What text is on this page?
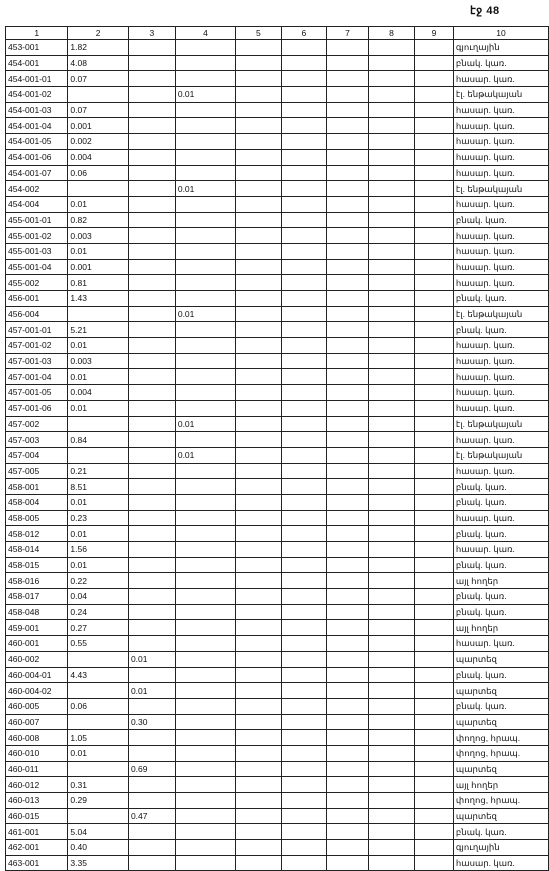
էջ 48
1	2	3	4	5	6	7	8	9	10
453-001	1.82								գյուղային
454-001	4.08								բնակ. կառ.
454-001-01	0.07								հասար. կառ.
454-001-02			0.01						էլ. ենթակայան
454-001-03	0.07								հասար. կառ.
454-001-04	0.001								հասար. կառ.
454-001-05	0.002								հասար. կառ.
454-001-06	0.004								հասար. կառ.
454-001-07	0.06								հասար. կառ.
454-002			0.01						էլ. ենթակայան
454-004	0.01								հասար. կառ.
455-001-01	0.82								բնակ. կառ.
455-001-02	0.003								հասար. կառ.
455-001-03	0.01								հասար. կառ.
455-001-04	0.001								հասար. կառ.
455-002	0.81								հասար. կառ.
456-001	1.43								բնակ. կառ.
456-004			0.01						էլ. ենթակայան
457-001-01	5.21								բնակ. կառ.
457-001-02	0.01								հասար. կառ.
457-001-03	0.003								հասար. կառ.
457-001-04	0.01								հասար. կառ.
457-001-05	0.004								հասար. կառ.
457-001-06	0.01								հասար. կառ.
457-002			0.01						էլ. ենթակայան
457-003	0.84								հասար. կառ.
457-004			0.01						էլ. ենթակայան
457-005	0.21								հասար. կառ.
458-001	8.51								բնակ. կառ.
458-004	0.01								բնակ. կառ.
458-005	0.23								հասար. կառ.
458-012	0.01								բնակ. կառ.
458-014	1.56								հասար. կառ.
458-015	0.01								բնակ. կառ.
458-016	0.22								այլ հողեր
458-017	0.04								բնակ. կառ.
458-048	0.24								բնակ. կառ.
459-001	0.27								այլ հողեր
460-001	0.55								հասար. կառ.
460-002		0.01							պարտեզ
460-004-01	4.43								բնակ. կառ.
460-004-02		0.01							պարտեզ
460-005	0.06								բնակ. կառ.
460-007		0.30							պարտեզ
460-008	1.05								փողոց, հրապ.
460-010	0.01								փողոց, հրապ.
460-011		0.69							պարտեզ
460-012	0.31								այլ հողեր
460-013	0.29								փողոց, հրապ.
460-015		0.47							պարտեզ
461-001	5.04								բնակ. կառ.
462-001	0.40								գյուղային
463-001	3.35								հասար. կառ.
